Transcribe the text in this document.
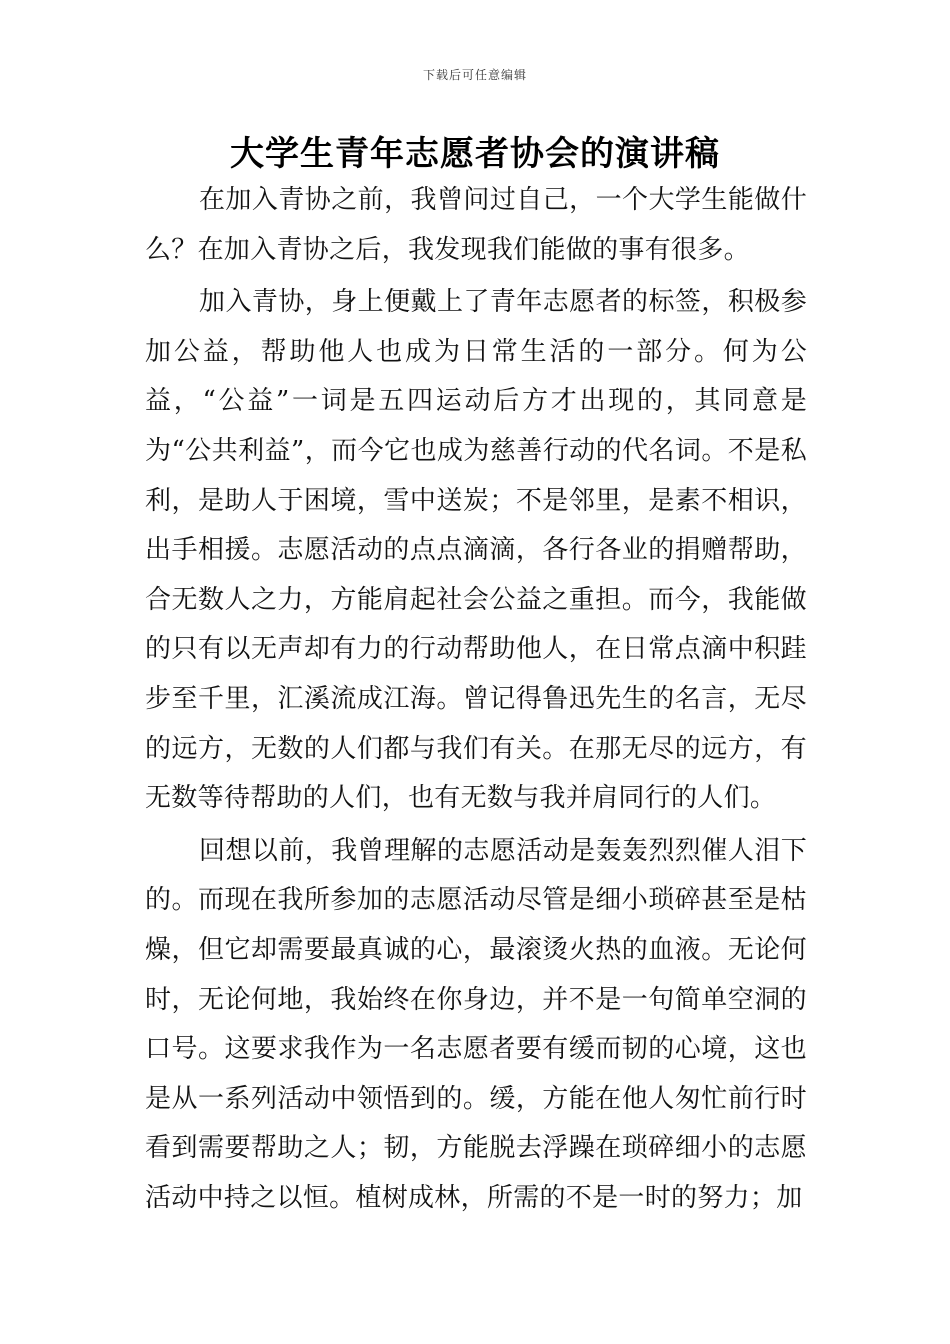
下载后可任意编辑
大学生青年志愿者协会的演讲稿

在加入青协之前，我曾问过自己，一个大学生能做什么？在加入青协之后，我发现我们能做的事有很多。

加入青协，身上便戴上了青年志愿者的标签，积极参加公益，帮助他人也成为日常生活的一部分。何为公益，“公益”一词是五四运动后方才出现的，其同意是为“公共利益”，而今它也成为慈善行动的代名词。不是私利，是助人于困境，雪中送炭；不是邻里，是素不相识，出手相援。志愿活动的点点滴滴，各行各业的捐赠帮助，合无数人之力，方能肩起社会公益之重担。而今，我能做的只有以无声却有力的行动帮助他人，在日常点滴中积跬步至千里，汇溪流成江海。曾记得鲁迅先生的名言，无尽的远方，无数的人们都与我们有关。在那无尽的远方，有无数等待帮助的人们，也有无数与我并肩同行的人们。

回想以前，我曾理解的志愿活动是轰轰烈烈催人泪下的。而现在我所参加的志愿活动尽管是细小琐碎甚至是枯燥，但它却需要最真诚的心，最滚烫火热的血液。无论何时，无论何地，我始终在你身边，并不是一句简单空洞的口号。这要求我作为一名志愿者要有缓而韧的心境，这也是从一系列活动中领悟到的。缓，方能在他人匆忙前行时看到需要帮助之人；韧，方能脱去浮躁在琐碎细小的志愿活动中持之以恒。植树成林，所需的不是一时的努力；加
